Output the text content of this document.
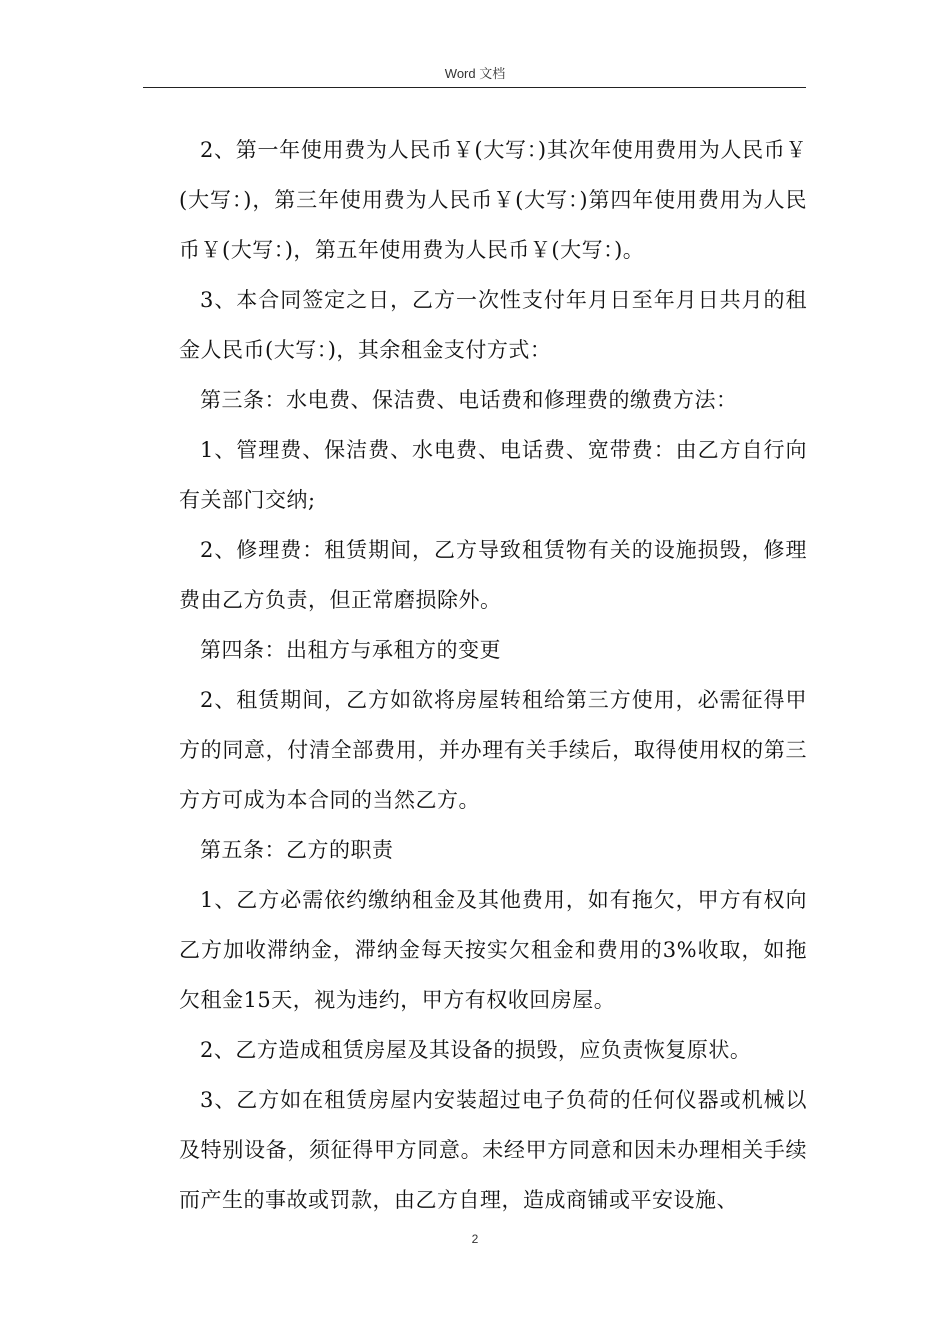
Word 文档

2、第一年使用费为人民币￥(大写：)其次年使用费用为人民币￥(大写：)，第三年使用费为人民币￥(大写：)第四年使用费用为人民币￥(大写：)，第五年使用费为人民币￥(大写：)。

3、本合同签定之日，乙方一次性支付年月日至年月日共月的租金人民币(大写：)，其余租金支付方式：

第三条：水电费、保洁费、电话费和修理费的缴费方法：

1、管理费、保洁费、水电费、电话费、宽带费：由乙方自行向有关部门交纳;

2、修理费：租赁期间，乙方导致租赁物有关的设施损毁，修理费由乙方负责，但正常磨损除外。

第四条：出租方与承租方的变更

2、租赁期间，乙方如欲将房屋转租给第三方使用，必需征得甲方的同意，付清全部费用，并办理有关手续后，取得使用权的第三方方可成为本合同的当然乙方。

第五条：乙方的职责

1、乙方必需依约缴纳租金及其他费用，如有拖欠，甲方有权向乙方加收滞纳金，滞纳金每天按实欠租金和费用的3%收取，如拖欠租金15天，视为违约，甲方有权收回房屋。

2、乙方造成租赁房屋及其设备的损毁，应负责恢复原状。

3、乙方如在租赁房屋内安装超过电子负荷的任何仪器或机械以及特别设备，须征得甲方同意。未经甲方同意和因未办理相关手续而产生的事故或罚款，由乙方自理，造成商铺或平安设施、

2
